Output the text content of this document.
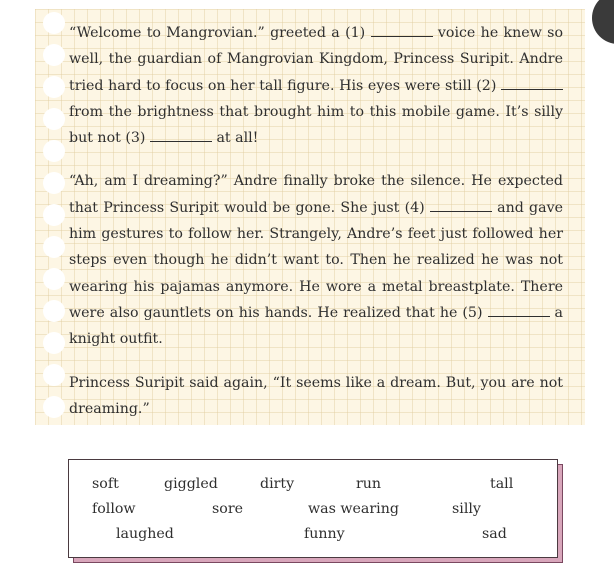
“Welcome to Mangrovian.” greeted a (1)	voice he knew so well, the guardian of Mangrovian Kingdom, Princess Suripit. Andre tried hard to focus on her tall figure. His eyes were still (2)  from the brightness that brought him to this mobile game. It’s silly but not (3)	at all!

“Ah, am I dreaming?” Andre finally broke the silence. He expected that Princess Suripit would be gone. She just (4)	and gave him gestures to follow her. Strangely, Andre’s feet just followed her steps even though he didn’t want to. Then he realized he was not wearing his pajamas anymore. He wore a metal breastplate. There were also gauntlets on his hands. He realized that he (5)	a knight outfit.

Princess Suripit said again, “It seems like a dream. But, you are not dreaming.”

soft	giggled	dirty	run	tall
follow	sore	was wearing	silly
laughed	funny	sad
